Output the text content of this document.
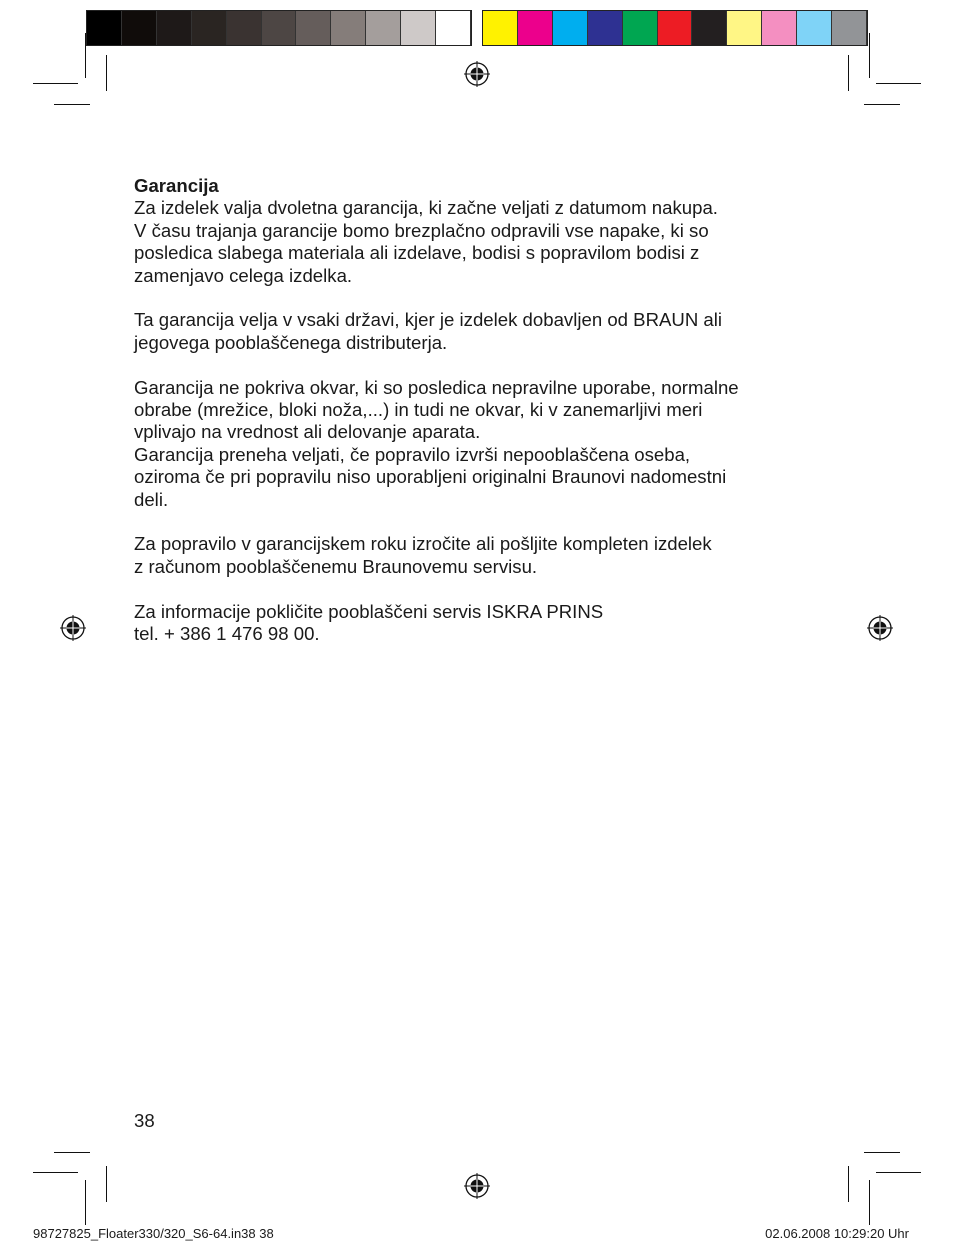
Garancija

Za izdelek valja dvoletna garancija, ki začne veljati z datumom nakupa.
V času trajanja garancije bomo brezplačno odpravili vse napake, ki so
posledica slabega materiala ali izdelave, bodisi s popravilom bodisi z
zamenjavo celega izdelka.

Ta garancija velja v vsaki državi, kjer je izdelek dobavljen od BRAUN ali
jegovega pooblaščenega distributerja.

Garancija ne pokriva okvar, ki so posledica nepravilne uporabe, normalne
obrabe (mrežice, bloki noža,...) in tudi ne okvar, ki v zanemarljivi meri
vplivajo na vrednost ali delovanje aparata.
Garancija preneha veljati, če popravilo izvrši nepooblaščena oseba,
oziroma če pri popravilu niso uporabljeni originalni Braunovi nadomestni
deli.

Za popravilo v garancijskem roku izročite ali pošljite kompleten izdelek
z računom pooblaščenemu Braunovemu servisu.

Za informacije pokličite pooblaščeni servis ISKRA PRINS
tel. + 386 1 476 98 00.

38
98727825_Floater330/320_S6-64.in38 38	02.06.2008 10:29:20 Uhr
